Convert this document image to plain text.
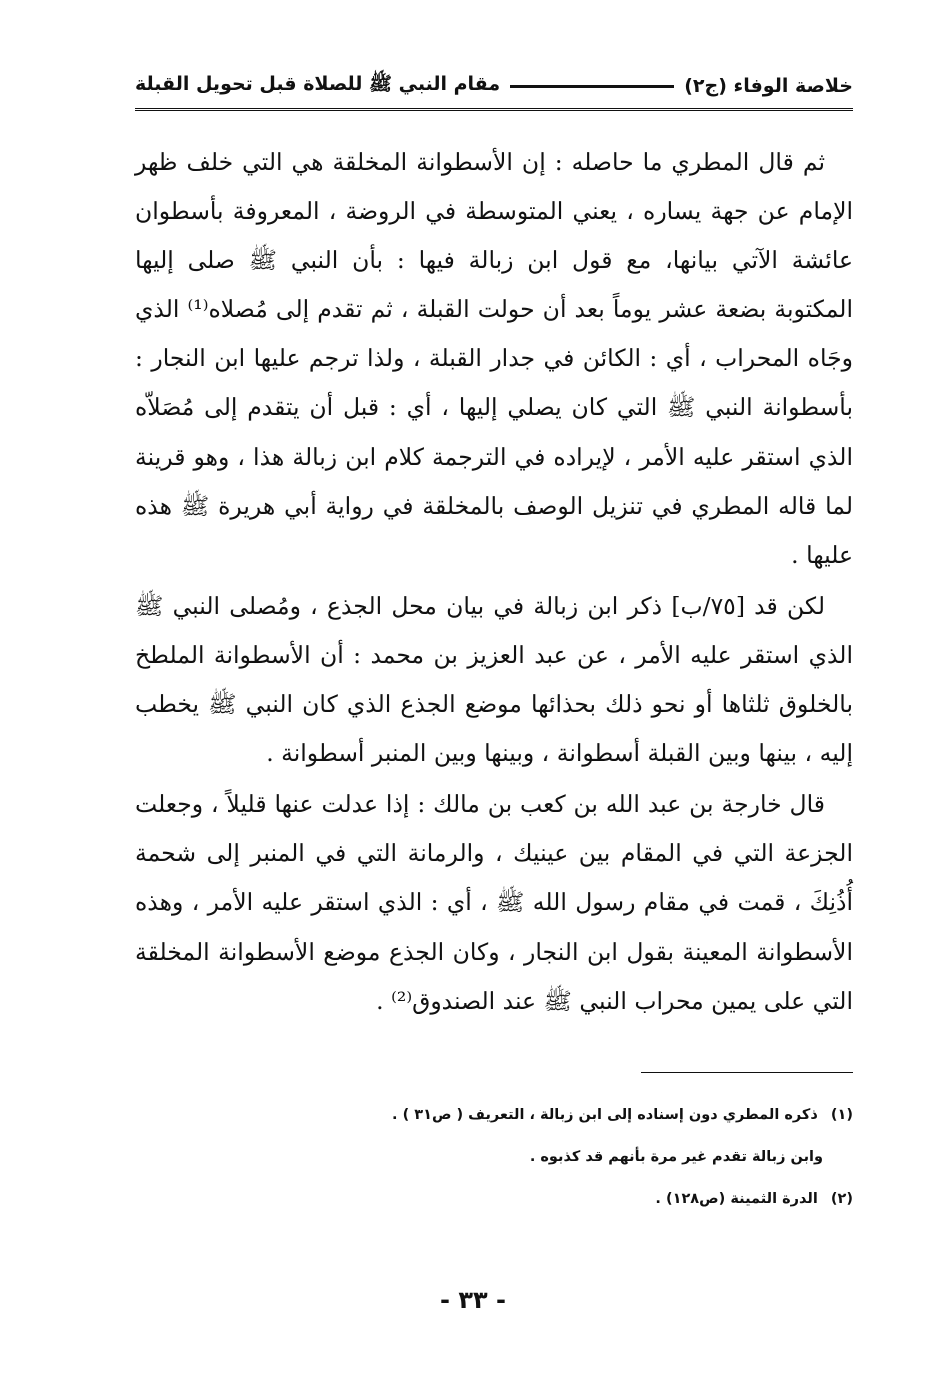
خلاصة الوفاء (ج٢)
مقام النبي ﷺ للصلاة قبل تحويل القبلة

ثم قال المطري ما حاصله : إن الأسطوانة المخلقة هي التي خلف ظهر الإمام عن جهة يساره ، يعني المتوسطة في الروضة ، المعروفة بأسطوان عائشة الآتي بيانها، مع قول ابن زبالة فيها : بأن النبي ﷺ صلى إليها المكتوبة بضعة عشر يوماً بعد أن حولت القبلة ، ثم تقدم إلى مُصلاه⁽¹⁾ الذي وجَاه المحراب ، أي : الكائن في جدار القبلة ، ولذا ترجم عليها ابن النجار : بأسطوانة النبي ﷺ التي كان يصلي إليها ، أي : قبل أن يتقدم إلى مُصَلاّه الذي استقر عليه الأمر ، لإيراده في الترجمة كلام ابن زبالة هذا ، وهو قرينة لما قاله المطري في تنزيل الوصف بالمخلقة في رواية أبي هريرة ﷺ هذه عليها .

لكن قد [٧٥/ب] ذكر ابن زبالة في بيان محل الجذع ، ومُصلى النبي ﷺ الذي استقر عليه الأمر ، عن عبد العزيز بن محمد : أن الأسطوانة الملطخ بالخلوق ثلثاها أو نحو ذلك بحذائها موضع الجذع الذي كان النبي ﷺ يخطب إليه ، بينها وبين القبلة أسطوانة ، وبينها وبين المنبر أسطوانة .

قال خارجة بن عبد الله بن كعب بن مالك : إذا عدلت عنها قليلاً ، وجعلت الجزعة التي في المقام بين عينيك ، والرمانة التي في المنبر إلى شحمة أُذُنِكَ ، قمت في مقام رسول الله ﷺ ، أي : الذي استقر عليه الأمر ، وهذه الأسطوانة المعينة بقول ابن النجار ، وكان الجذع موضع الأسطوانة المخلقة التي على يمين محراب النبي ﷺ عند الصندوق⁽²⁾ .

(١) ذكره المطري دون إسناده إلى ابن زبالة ، التعريف ( ص٣١ ) .

وابن زبالة تقدم غير مرة بأنهم قد كذبوه .

(٢) الدرة الثمينة (ص١٢٨) .

- ٣٣ -
